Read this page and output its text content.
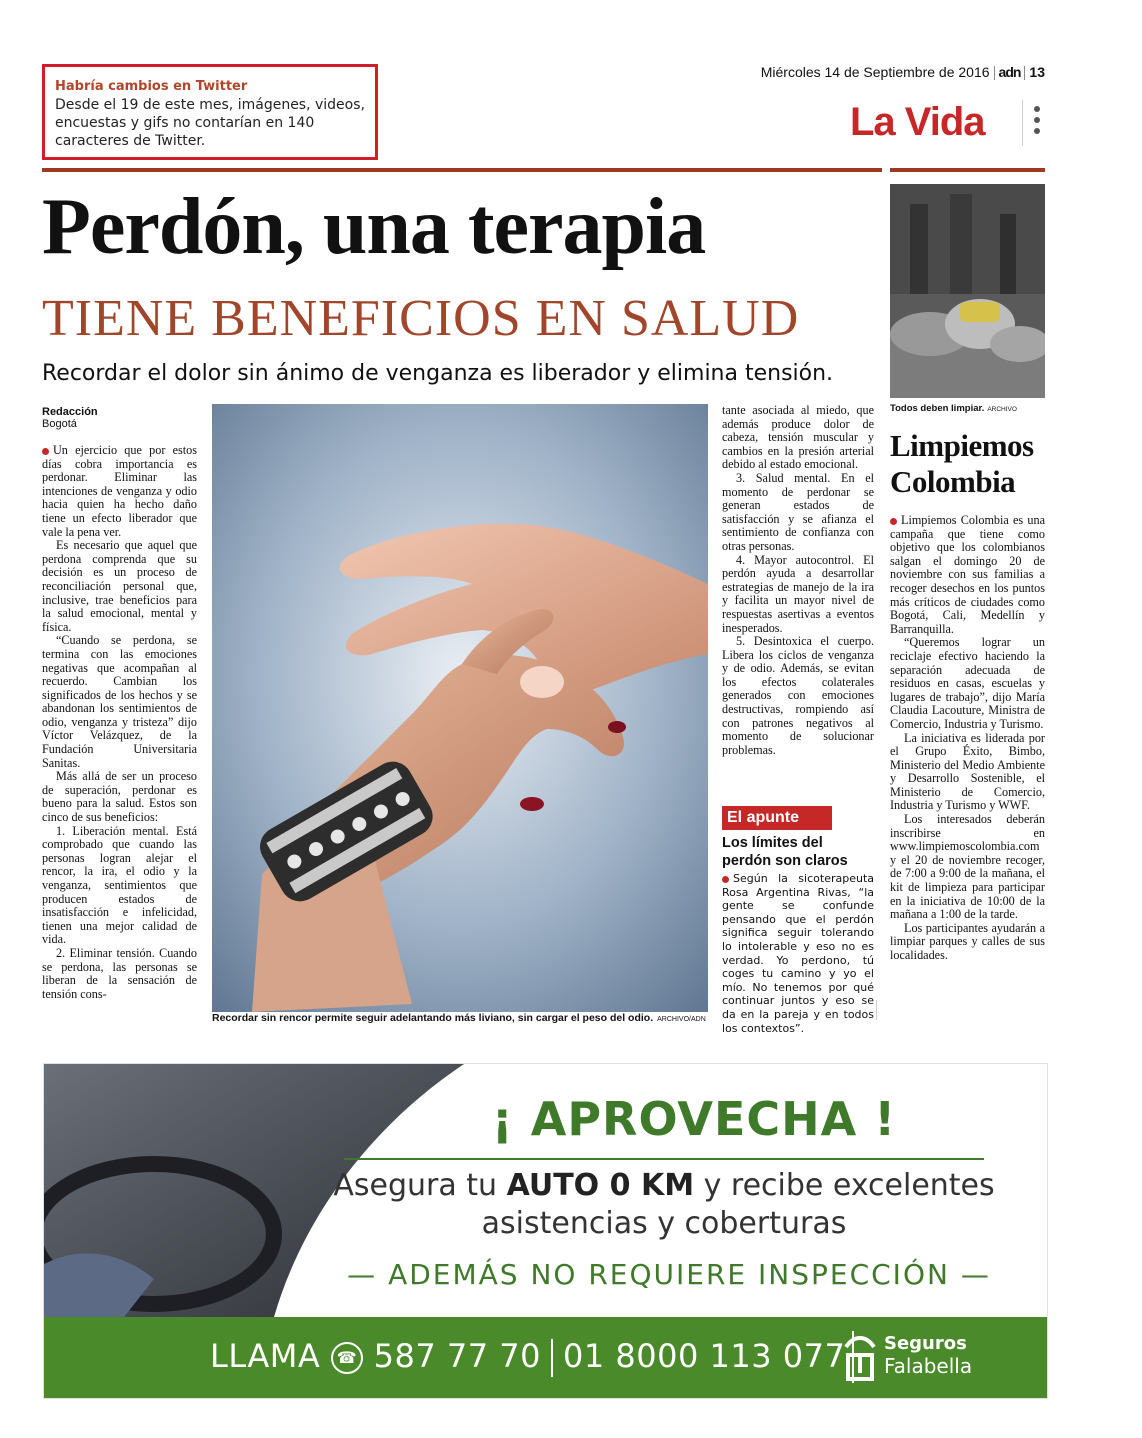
Habría cambios en Twitter
Desde el 19 de este mes, imágenes, videos, encuestas y gifs no contarían en 140 caracteres de Twitter.
Miércoles 14 de Septiembre de 2016 adn 13
La Vida
Perdón, una terapia
TIENE BENEFICIOS EN SALUD
Recordar el dolor sin ánimo de venganza es liberador y elimina tensión.
Redacción
Bogotá

Un ejercicio que por estos días cobra importancia es perdonar. Eliminar las intenciones de venganza y odio hacia quien ha hecho daño tiene un efecto liberador que vale la pena ver.

Es necesario que aquel que perdona comprenda que su decisión es un proceso de reconciliación personal que, inclusive, trae beneficios para la salud emocional, mental y física.

“Cuando se perdona, se termina con las emociones negativas que acompañan al recuerdo. Cambian los significados de los hechos y se abandonan los sentimientos de odio, venganza y tristeza” dijo Víctor Velázquez, de la Fundación Universitaria Sanitas.

Más allá de ser un proceso de superación, perdonar es bueno para la salud. Estos son cinco de sus beneficios:

1. Liberación mental. Está comprobado que cuando las personas logran alejar el rencor, la ira, el odio y la venganza, sentimientos que producen estados de insatisfacción e infelicidad, tienen una mejor calidad de vida.

2. Eliminar tensión. Cuando se perdona, las personas se liberan de la sensación de tensión cons-

Recordar sin rencor permite seguir adelantando más liviano, sin cargar el peso del odio. ARCHIVO/ADN

tante asociada al miedo, que además produce dolor de cabeza, tensión muscular y cambios en la presión arterial debido al estado emocional.

3. Salud mental. En el momento de perdonar se generan estados de satisfacción y se afianza el sentimiento de confianza con otras personas.

4. Mayor autocontrol. El perdón ayuda a desarrollar estrategias de manejo de la ira y facilita un mayor nivel de respuestas asertivas a eventos inesperados.

5. Desintoxica el cuerpo. Libera los ciclos de venganza y de odio. Además, se evitan los efectos colaterales generados con emociones destructivas, rompiendo así con patrones negativos al momento de solucionar problemas.

El apunte
Los límites del perdón son claros
Según la sicoterapeuta Rosa Argentina Rivas, “la gente se confunde pensando que el perdón significa seguir tolerando lo intolerable y eso no es verdad. Yo perdono, tú coges tu camino y yo el mío. No tenemos por qué continuar juntos y eso se da en la pareja y en todos los contextos”.
Todos deben limpiar. ARCHIVO
Limpiemos Colombia

Limpiemos Colombia es una campaña que tiene como objetivo que los colombianos salgan el domingo 20 de noviembre con sus familias a recoger desechos en los puntos más críticos de ciudades como Bogotá, Cali, Medellín y Barranquilla.

“Queremos lograr un reciclaje efectivo haciendo la separación adecuada de residuos en casas, escuelas y lugares de trabajo”, dijo María Claudia Lacouture, Ministra de Comercio, Industria y Turismo.

La iniciativa es liderada por el Grupo Éxito, Bimbo, Ministerio del Medio Ambiente y Desarrollo Sostenible, el Ministerio de Comercio, Industria y Turismo y WWF.

Los interesados deberán inscribirse en www.limpiemoscolombia.com y el 20 de noviembre recoger, de 7:00 a 9:00 de la mañana, el kit de limpieza para participar en la iniciativa de 10:00 de la mañana a 1:00 de la tarde.

Los participantes ayudarán a limpiar parques y calles de sus localidades.

¡ APROVECHA !
Asegura tu AUTO 0 KM y recibe excelentes
asistencias y coberturas
— ADEMÁS NO REQUIERE INSPECCIÓN —
LLAMA ☎ 587 77 70 01 8000 113 077 Seguros
Falabella
